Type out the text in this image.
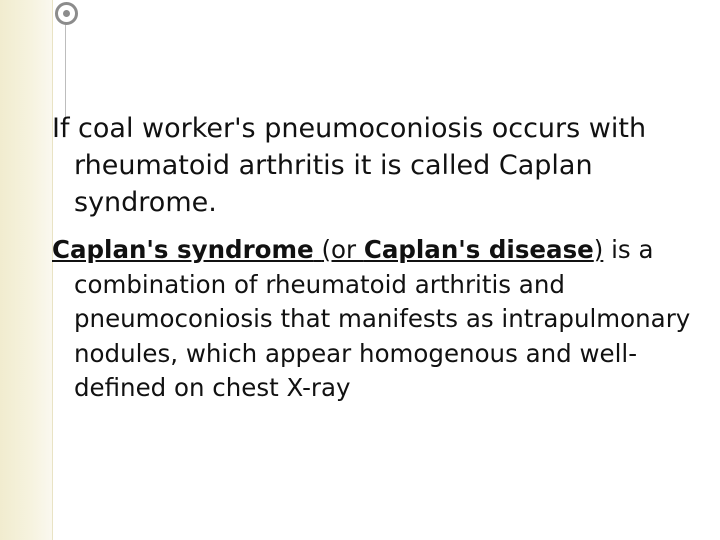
If coal worker's pneumoconiosis occurs with rheumatoid arthritis it is called Caplan syndrome.

Caplan's syndrome (or Caplan's disease) is a combination of rheumatoid arthritis and pneumoconiosis that manifests as intrapulmonary nodules, which appear homogenous and well-defined on chest X-ray
